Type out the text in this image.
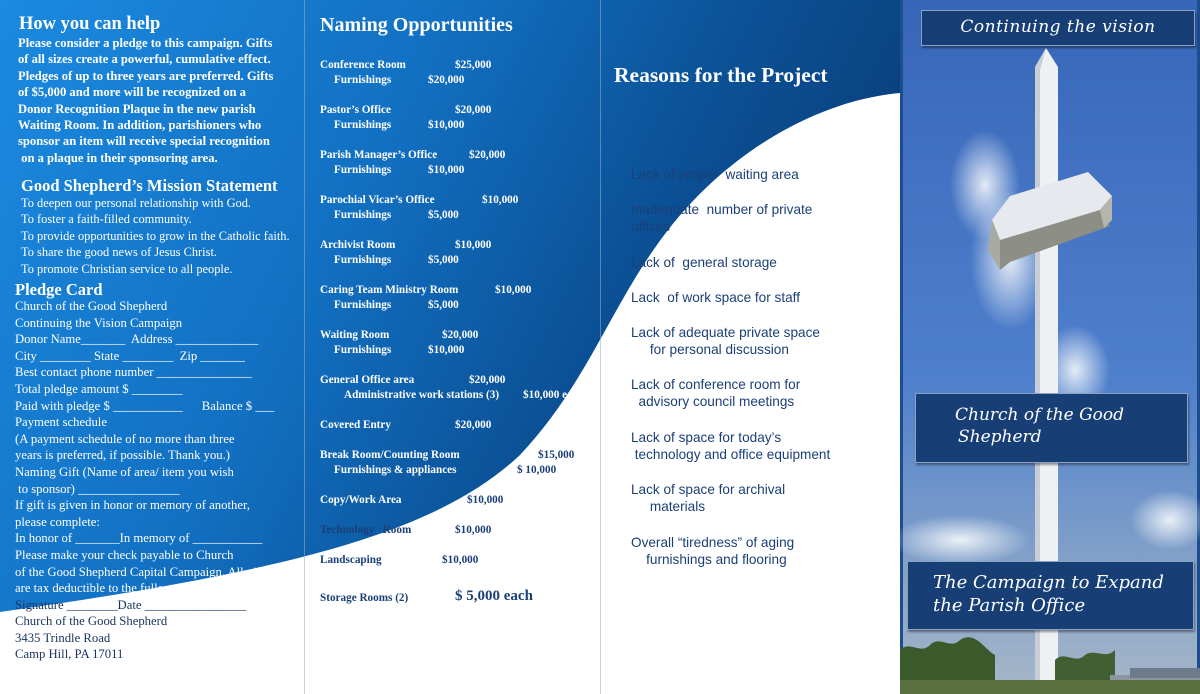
How you can help
Please consider a pledge to this campaign. Gifts
of all sizes create a powerful, cumulative effect.
Pledges of up to three years are preferred. Gifts
of $5,000 and more will be recognized on a
Donor Recognition Plaque in the new parish
Waiting Room. In addition, parishioners who
sponsor an item will receive special recognition
on a plaque in their sponsoring area.
Good Shepherd’s Mission Statement
To deepen our personal relationship with God.
To foster a faith-filled community.
To provide opportunities to grow in the Catholic faith.
To share the good news of Jesus Christ.
To promote Christian service to all people.
Pledge Card
Church of the Good Shepherd
Continuing the Vision Campaign
Donor Name_______  Address _____________
City ________ State ________  Zip _______
Best contact phone number _______________
Total pledge amount $ ________
Paid with pledge $ ___________      Balance $ ___
Payment schedule
(A payment schedule of no more than three
years is preferred, if possible. Thank you.)
Naming Gift (Name of area/ item you wish
to sponsor) ________________
If gift is given in honor or memory of another,
please complete:
In honor of _______In memory of ___________
Please make your check payable to Church
of the Good Shepherd Capital Campaign. All gifts
are tax deductible to the fullest   extent of the law.
Signature ________Date ________________
Church of the Good Shepherd
3435 Trindle Road
Camp Hill, PA 17011
Naming Opportunities
Conference Room	$25,000
Furnishings	$20,000
Pastor’s Office	$20,000
Furnishings	$10,000
Parish Manager’s Office	$20,000
Furnishings	$10,000
Parochial Vicar’s Office	$10,000
Furnishings	$5,000
Archivist Room	$10,000
Furnishings	$5,000
Caring Team Ministry Room	$10,000
Furnishings	$5,000
Waiting Room	$20,000
Furnishings	$10,000
General Office area	$20,000
Administrative work stations (3) $10,000 each
Covered Entry	$20,000
Break Room/Counting Room	$15,000
Furnishings & appliances	$ 10,000
Copy/Work Area	$10,000
Technology   Room	$10,000
Landscaping	$10,000
Storage Rooms (2)	$ 5,000 each
Reasons for the Project
Lack of proper  waiting area
Inadequate  number of private
offices
Lack of  general storage
Lack  of work space for staff
Lack of adequate private space
for personal discussion
Lack of conference room for
advisory council meetings
Lack of space for today’s
technology and office equipment
Lack of space for archival
materials
Overall “tiredness” of aging
furnishings and flooring
Continuing the vision
Church of the Good
Shepherd
The Campaign to Expand
the Parish Office
